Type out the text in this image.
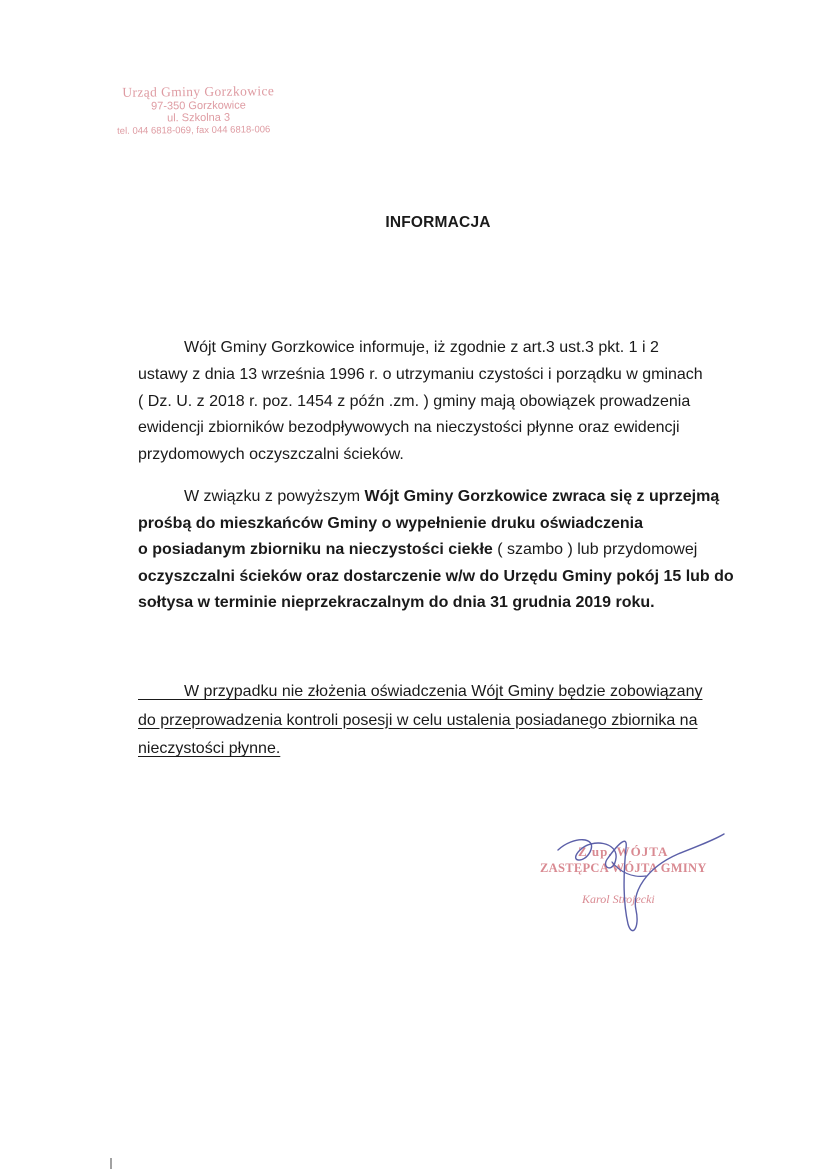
Urząd Gminy Gorzkowice
97-350 Gorzkowice
ul. Szkolna 3
tel. 044 6818-069, fax 044 6818-006
INFORMACJA
Wójt Gminy Gorzkowice informuje, iż zgodnie z art.3 ust.3 pkt. 1 i 2
ustawy z dnia 13 września 1996 r. o utrzymaniu czystości i porządku w gminach
( Dz. U. z 2018 r. poz. 1454 z późn .zm. ) gminy mają obowiązek prowadzenia
ewidencji zbiorników bezodpływowych na nieczystości płynne oraz ewidencji
przydomowych oczyszczalni ścieków.
W związku z powyższym Wójt Gminy Gorzkowice zwraca się z uprzejmą
prośbą do mieszkańców Gminy o wypełnienie druku oświadczenia
o posiadanym zbiorniku na nieczystości ciekłe ( szambo ) lub przydomowej
oczyszczalni ścieków oraz dostarczenie w/w do Urzędu Gminy pokój 15 lub do
sołtysa w terminie nieprzekraczalnym do dnia 31 grudnia 2019 roku.
W przypadku nie złożenia oświadczenia Wójt Gminy będzie zobowiązany
do przeprowadzenia kontroli posesji w celu ustalenia posiadanego zbiornika na
nieczystości płynne.
Z up. WÓJTA
ZASTĘPCA WÓJTA GMINY
Karol Strojecki
